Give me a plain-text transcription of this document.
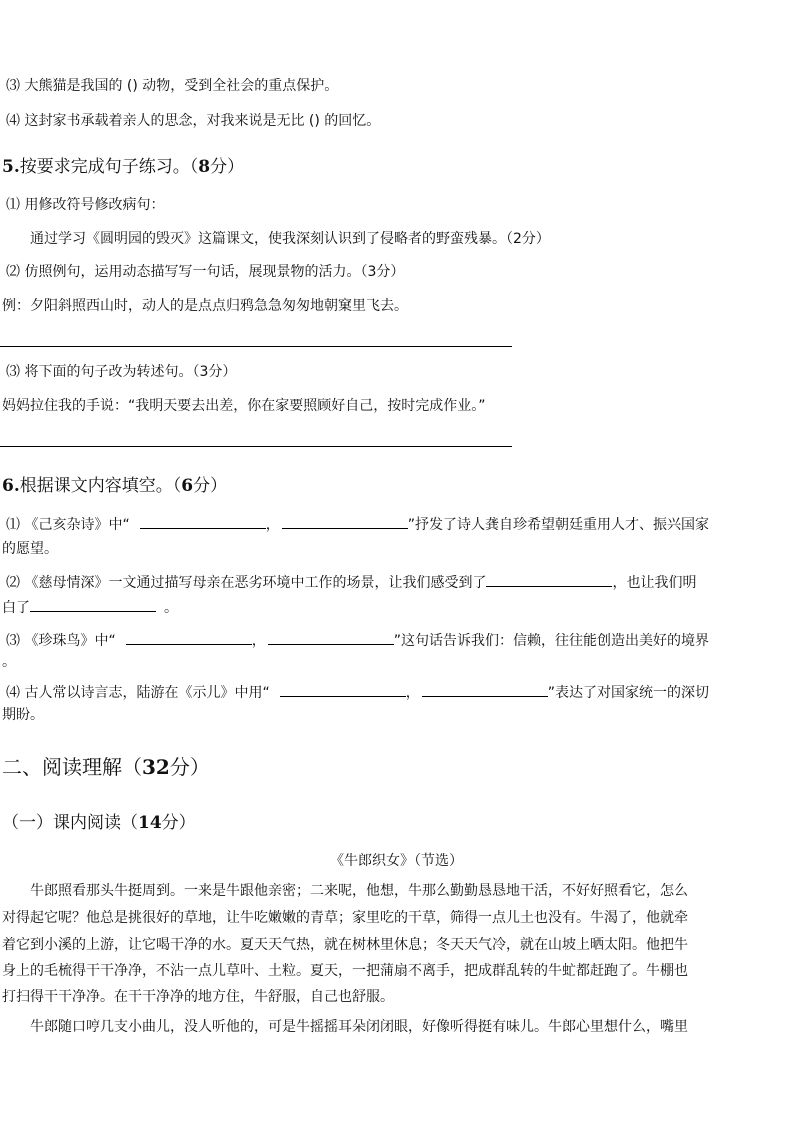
⑶ 大熊猫是我国的 () 动物，受到全社会的重点保护。
⑷ 这封家书承载着亲人的思念，对我来说是无比 () 的回忆。
5.按要求完成句子练习。（8分）
⑴ 用修改符号修改病句：
通过学习《圆明园的毁灭》这篇课文，使我深刻认识到了侵略者的野蛮残暴。（2分）
⑵ 仿照例句，运用动态描写写一句话，展现景物的活力。（3分）
例：夕阳斜照西山时，动人的是点点归鸦急急匆匆地朝窠里飞去。
⑶ 将下面的句子改为转述句。（3分）
妈妈拉住我的手说：“我明天要去出差，你在家要照顾好自己，按时完成作业。”
6.根据课文内容填空。（6分）
⑴ 《己亥杂诗》中“	，	”抒发了诗人龚自珍希望朝廷重用人才、振兴国家
的愿望。
⑵ 《慈母情深》一文通过描写母亲在恶劣环境中工作的场景，让我们感受到了	，也让我们明
白了	。
⑶ 《珍珠鸟》中“	，	”这句话告诉我们：信赖，往往能创造出美好的境界
。
⑷ 古人常以诗言志，陆游在《示儿》中用“	，	”表达了对国家统一的深切
期盼。
二、阅读理解（32分）
（一）课内阅读（14分）
《牛郎织女》（节选）
牛郎照看那头牛挺周到。一来是牛跟他亲密；二来呢，他想，牛那么勤勤恳恳地干活，不好好照看它，怎么
对得起它呢？他总是挑很好的草地，让牛吃嫩嫩的青草；家里吃的干草，筛得一点儿土也没有。牛渴了，他就牵
着它到小溪的上游，让它喝干净的水。夏天天气热，就在树林里休息；冬天天气冷，就在山坡上晒太阳。他把牛
身上的毛梳得干干净净，不沾一点儿草叶、土粒。夏天，一把蒲扇不离手，把成群乱转的牛虻都赶跑了。牛棚也
打扫得干干净净。在干干净净的地方住，牛舒服，自己也舒服。
牛郎随口哼几支小曲儿，没人听他的，可是牛摇摇耳朵闭闭眼，好像听得挺有味儿。牛郎心里想什么，嘴里
